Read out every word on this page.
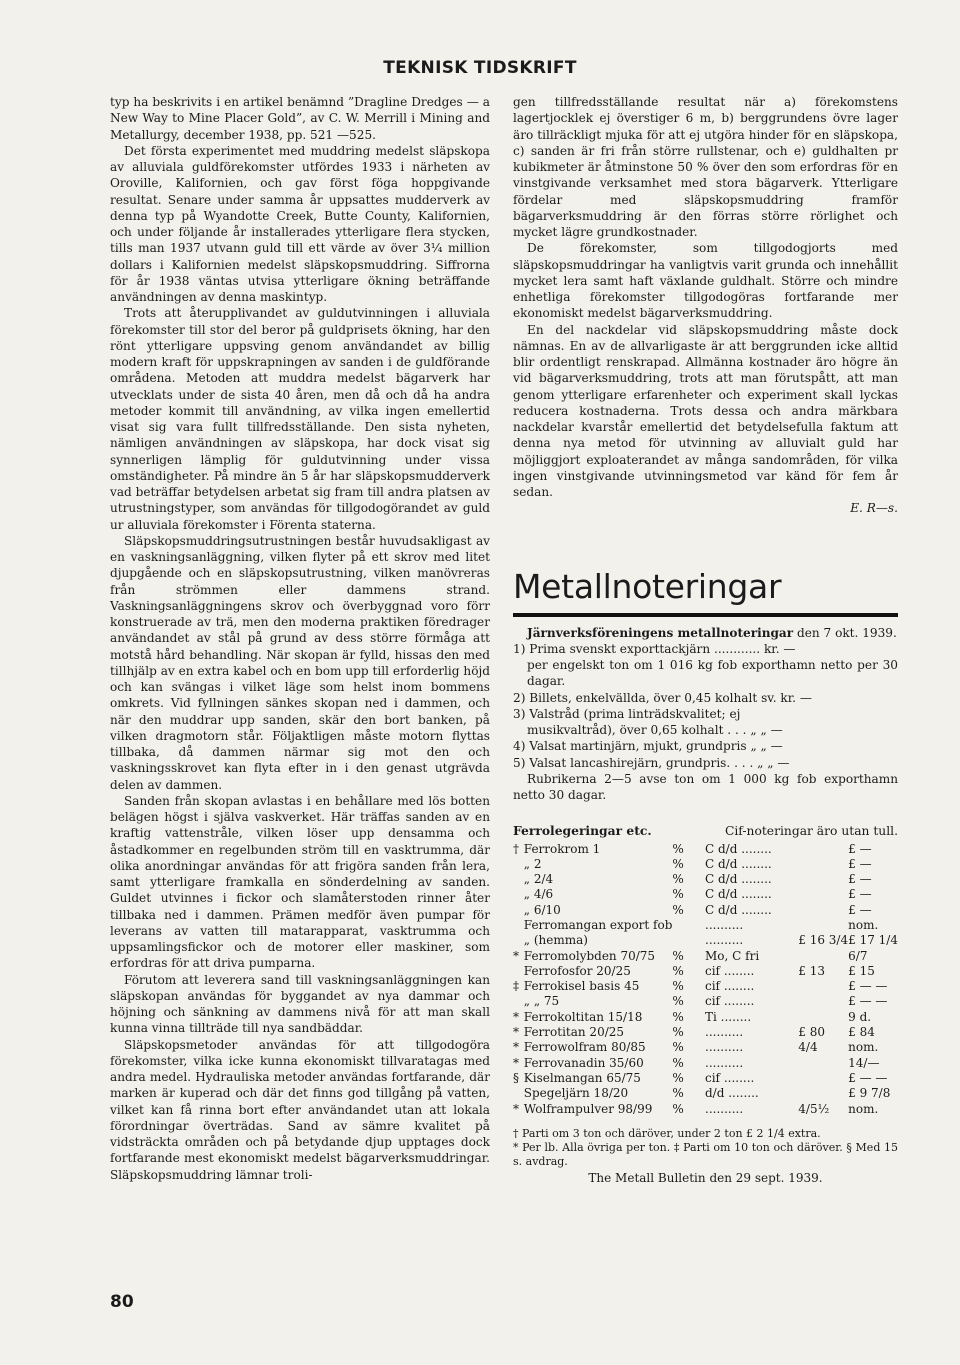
TEKNISK TIDSKRIFT

typ ha beskrivits i en artikel benämnd ”Dragline Dredges — a New Way to Mine Placer Gold”, av C. W. Merrill i Mining and Metallurgy, december 1938, pp. 521 —525.

Det första experimentet med muddring medelst släpskopa av alluviala guldförekomster utfördes 1933 i närheten av Oroville, Kalifornien, och gav först föga hoppgivande resultat. Senare under samma år uppsattes mudderverk av denna typ på Wyandotte Creek, Butte County, Kalifornien, och under följande år installerades ytterligare flera stycken, tills man 1937 utvann guld till ett värde av över 3¼ million dollars i Kalifornien medelst släpskopsmuddring. Siffrorna för år 1938 väntas utvisa ytterligare ökning beträffande användningen av denna maskintyp.

Trots att återupplivandet av guldutvinningen i alluviala förekomster till stor del beror på guldprisets ökning, har den rönt ytterligare uppsving genom användandet av billig modern kraft för uppskrapningen av sanden i de guldförande områdena. Metoden att muddra medelst bägarverk har utvecklats under de sista 40 åren, men då och då ha andra metoder kommit till användning, av vilka ingen emellertid visat sig vara fullt tillfredsställande. Den sista nyheten, nämligen användningen av släpskopa, har dock visat sig synnerligen lämplig för guldutvinning under vissa omständigheter. På mindre än 5 år har släpskopsmudderverk vad beträffar betydelsen arbetat sig fram till andra platsen av utrustningstyper, som användas för tillgodogörandet av guld ur alluviala förekomster i Förenta staterna.

Släpskopsmuddringsutrustningen består huvudsakligast av en vaskningsanläggning, vilken flyter på ett skrov med litet djupgående och en släpskopsutrustning, vilken manövreras från strömmen eller dammens strand. Vaskningsanläggningens skrov och överbyggnad voro förr konstruerade av trä, men den moderna praktiken föredrager användandet av stål på grund av dess större förmåga att motstå hård behandling. När skopan är fylld, hissas den med tillhjälp av en extra kabel och en bom upp till erforderlig höjd och kan svängas i vilket läge som helst inom bommens omkrets. Vid fyllningen sänkes skopan ned i dammen, och när den muddrar upp sanden, skär den bort banken, på vilken dragmotorn står. Följaktligen måste motorn flyttas tillbaka, då dammen närmar sig mot den och vaskningsskrovet kan flyta efter in i den genast utgrävda delen av dammen.

Sanden från skopan avlastas i en behållare med lös botten belägen högst i själva vaskverket. Här träffas sanden av en kraftig vattenstråle, vilken löser upp densamma och åstadkommer en regelbunden ström till en vasktrumma, där olika anordningar användas för att frigöra sanden från lera, samt ytterligare framkalla en sönderdelning av sanden. Guldet utvinnes i fickor och slamåterstoden rinner åter tillbaka ned i dammen. Prämen medför även pumpar för leverans av vatten till matarapparat, vasktrumma och uppsamlingsfickor och de motorer eller maskiner, som erfordras för att driva pumparna.

Förutom att leverera sand till vaskningsanläggningen kan släpskopan användas för byggandet av nya dammar och höjning och sänkning av dammens nivå för att man skall kunna vinna tillträde till nya sandbäddar.

Släpskopsmetoder användas för att tillgodogöra förekomster, vilka icke kunna ekonomiskt tillvaratagas med andra medel. Hydrauliska metoder användas fortfarande, där marken är kuperad och där det finns god tillgång på vatten, vilket kan få rinna bort efter användandet utan att lokala förordningar överträdas. Sand av sämre kvalitet på vidsträckta områden och på betydande djup upptages dock fortfarande mest ekonomiskt medelst bägarverksmuddringar. Släpskopsmuddring lämnar troli-

gen tillfredsställande resultat när a) förekomstens lagertjocklek ej överstiger 6 m, b) berggrundens övre lager äro tillräckligt mjuka för att ej utgöra hinder för en släpskopa, c) sanden är fri från större rullstenar, och e) guldhalten pr kubikmeter är åtminstone 50 % över den som erfordras för en vinstgivande verksamhet med stora bägarverk. Ytterligare fördelar med släpskopsmuddring framför bägarverksmuddring är den förras större rörlighet och mycket lägre grundkostnader.

De förekomster, som tillgodogjorts med släpskopsmuddringar ha vanligtvis varit grunda och innehållit mycket lera samt haft växlande guldhalt. Större och mindre enhetliga förekomster tillgodogöras fortfarande mer ekonomiskt medelst bägarverksmuddring.

En del nackdelar vid släpskopsmuddring måste dock nämnas. En av de allvarligaste är att berggrunden icke alltid blir ordentligt renskrapad. Allmänna kostnader äro högre än vid bägarverksmuddring, trots att man förutspått, att man genom ytterligare erfarenheter och experiment skall lyckas reducera kostnaderna. Trots dessa och andra märkbara nackdelar kvarstår emellertid det betydelsefulla faktum att denna nya metod för utvinning av alluvialt guld har möjliggjort exploaterandet av många sandområden, för vilka ingen vinstgivande utvinningsmetod var känd för fem år sedan.

E. R—s.

Metallnoteringar

Järnverksföreningens metallnoteringar den 7 okt. 1939.

1) Prima svenskt exporttackjärn ............ kr. —

per engelskt ton om 1 016 kg fob exporthamn netto per 30 dagar.

2) Billets, enkelvällda, över 0,45 kolhalt sv. kr. —

3) Valstråd (prima linträdskvalitet; ej

musikvaltråd), över 0,65 kolhalt . . . „ „ —

4) Valsat martinjärn, mjukt, grundpris „ „ —

5) Valsat lancashirejärn, grundpris. . . . „ „ —

Rubrikerna 2—5 avse ton om 1 000 kg fob exporthamn netto 30 dagar.

Ferrolegeringar etc.	Cif-noteringar äro utan tull.
†	Ferrokrom 1	%	C d/d ........		£ —
	„ 2	%	C d/d ........		£ —
	„ 2/4	%	C d/d ........		£ —
	„ 4/6	%	C d/d ........		£ —
	„ 6/10	%	C d/d ........		£ —
	Ferromangan export fob		..........		nom.
	„ (hemma)		..........	£ 16 3/4	£ 17 1/4
*	Ferromolybden 70/75	%	Mo, C fri		6/7
	Ferrofosfor 20/25	%	cif ........	£ 13	£ 15
‡	Ferrokisel basis 45	%	cif ........		£ — —
	„ „ 75	%	cif ........		£ — —
*	Ferrokoltitan 15/18	%	Ti ........		9 d.
*	Ferrotitan 20/25	%	..........	£ 80	£ 84
*	Ferrowolfram 80/85	%	..........	4/4	nom.
*	Ferrovanadin 35/60	%	..........		14/—
§	Kiselmangan 65/75	%	cif ........		£ — —
	Spegeljärn 18/20	%	d/d ........		£ 9 7/8
*	Wolframpulver 98/99	%	..........	4/5½	nom.

† Parti om 3 ton och däröver, under 2 ton £ 2 1/4 extra.

* Per lb. Alla övriga per ton. ‡ Parti om 10 ton och däröver. § Med 15 s. avdrag.

The Metall Bulletin den 29 sept. 1939.

80
